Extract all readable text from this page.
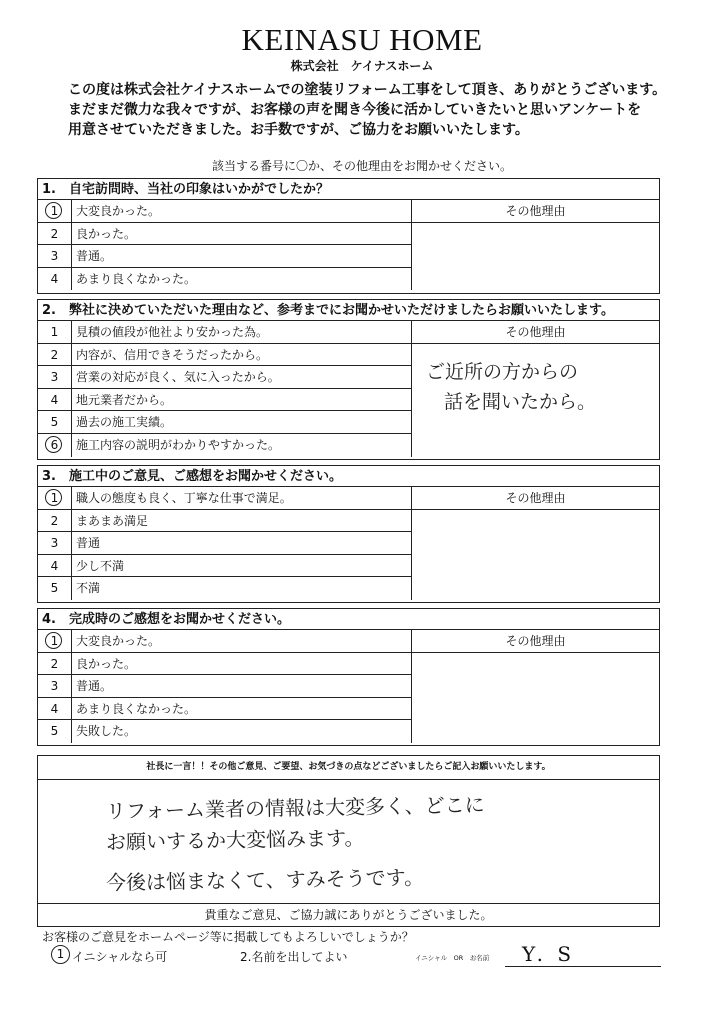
KEINASU HOME
株式会社　ケイナスホーム
この度は株式会社ケイナスホームでの塗装リフォーム工事をして頂き、ありがとうございます。
まだまだ微力な我々ですが、お客様の声を聞き今後に活かしていきたいと思いアンケートを
用意させていただきました。お手数ですが、ご協力をお願いいたします。
該当する番号に〇か、その他理由をお聞かせください。
1.　自宅訪問時、当社の印象はいかがでしたか？
1	大変良かった。
2	良かった。
3	普通。
4	あまり良くなかった。
その他理由
2.　弊社に決めていただいた理由など、参考までにお聞かせいただけましたらお願いいたします。
1	見積の値段が他社より安かった為。
2	内容が、信用できそうだったから。
3	営業の対応が良く、気に入ったから。
4	地元業者だから。
5	過去の施工実績。
6	施工内容の説明がわかりやすかった。
その他理由
ご近所の方からの
話を聞いたから。
3.　施工中のご意見、ご感想をお聞かせください。
1	職人の態度も良く、丁寧な仕事で満足。
2	まあまあ満足
3	普通
4	少し不満
5	不満
その他理由
4.　完成時のご感想をお聞かせください。
1	大変良かった。
2	良かった。
3	普通。
4	あまり良くなかった。
5	失敗した。
その他理由
社長に一言！！その他ご意見、ご要望、お気づきの点などございましたらご記入お願いいたします。
リフォーム業者の情報は大変多く、どこに
お願いするか大変悩みます。
今後は悩まなくて、すみそうです。
貴重なご意見、ご協力誠にありがとうございました。
お客様のご意見をホームページ等に掲載してもよろしいでしょうか？
1 イニシャルなら可	2.名前を出してよい	イニシャル　OR　お名前 Y. S
